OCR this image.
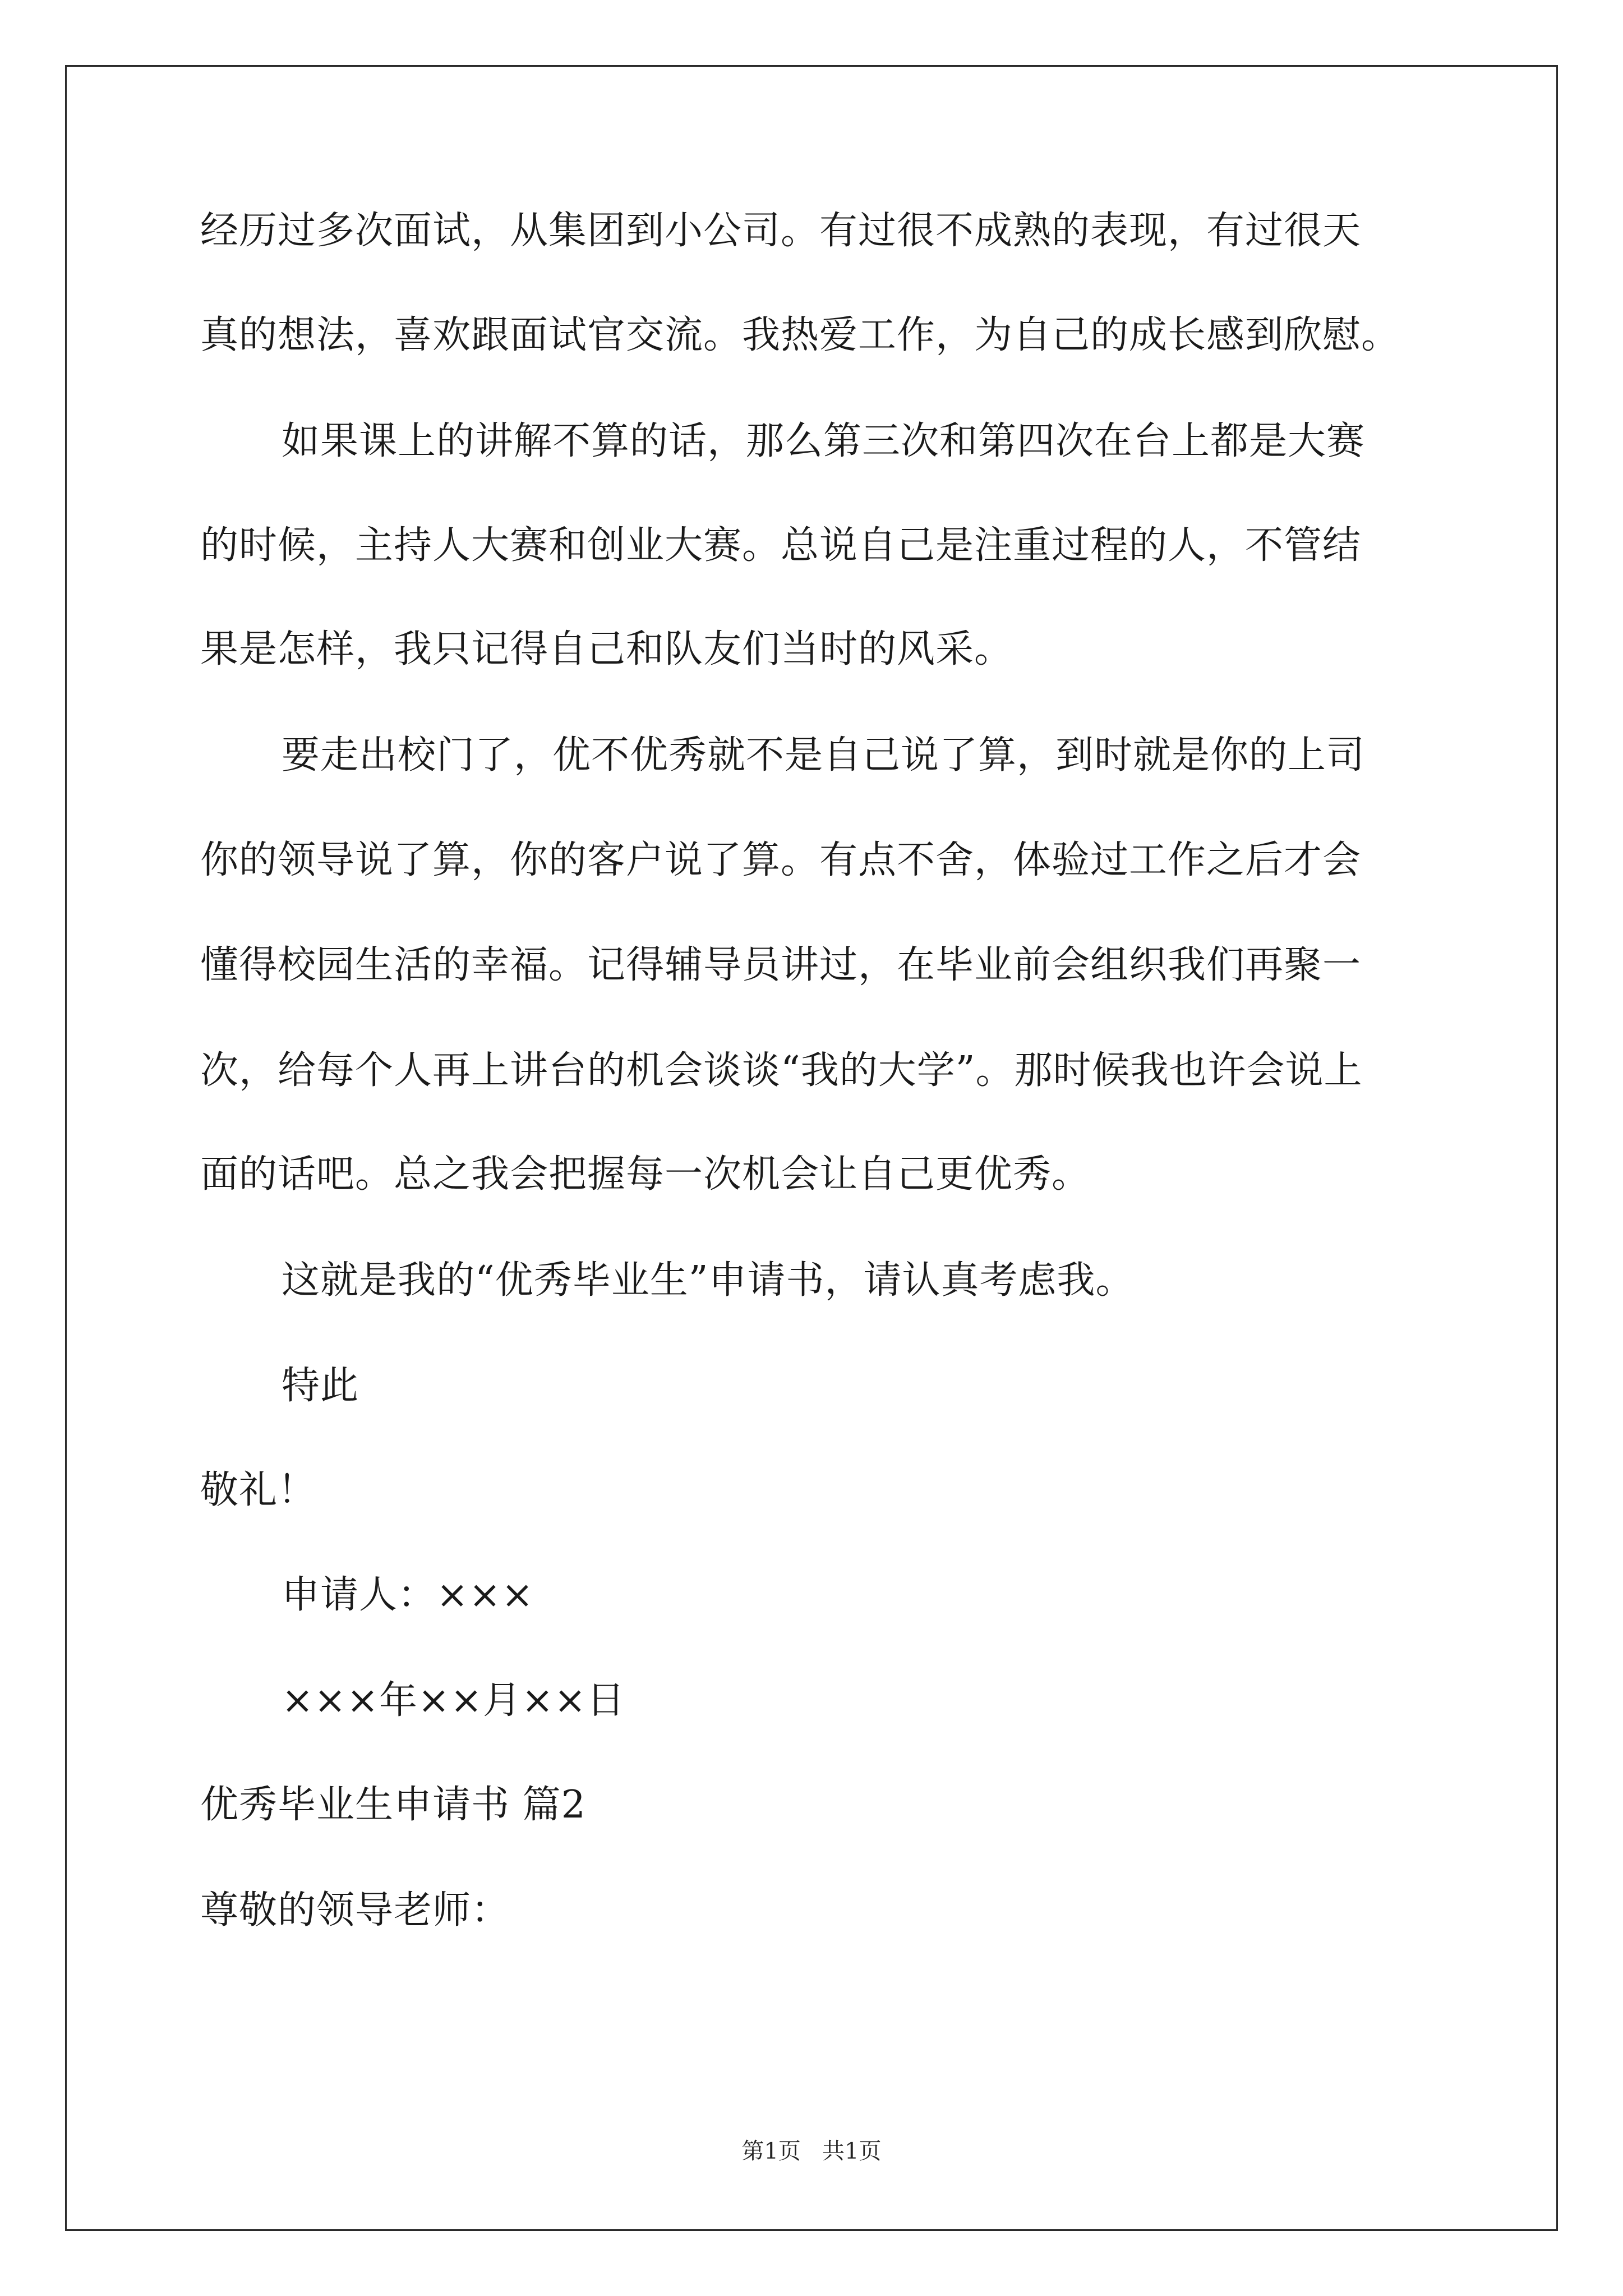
经历过多次面试，从集团到小公司。有过很不成熟的表现，有过很天
真的想法，喜欢跟面试官交流。我热爱工作，为自己的成长感到欣慰。
如果课上的讲解不算的话，那么第三次和第四次在台上都是大赛
的时候，主持人大赛和创业大赛。总说自己是注重过程的人，不管结
果是怎样，我只记得自己和队友们当时的风采。
要走出校门了，优不优秀就不是自己说了算，到时就是你的上司
你的领导说了算，你的客户说了算。有点不舍，体验过工作之后才会
懂得校园生活的幸福。记得辅导员讲过，在毕业前会组织我们再聚一
次，给每个人再上讲台的机会谈谈“我的大学”。那时候我也许会说上
面的话吧。总之我会把握每一次机会让自己更优秀。
这就是我的“优秀毕业生”申请书，请认真考虑我。
特此
敬礼！
申请人：×××
×××年××月××日
优秀毕业生申请书 篇2
尊敬的领导老师：
第1页   共1页
